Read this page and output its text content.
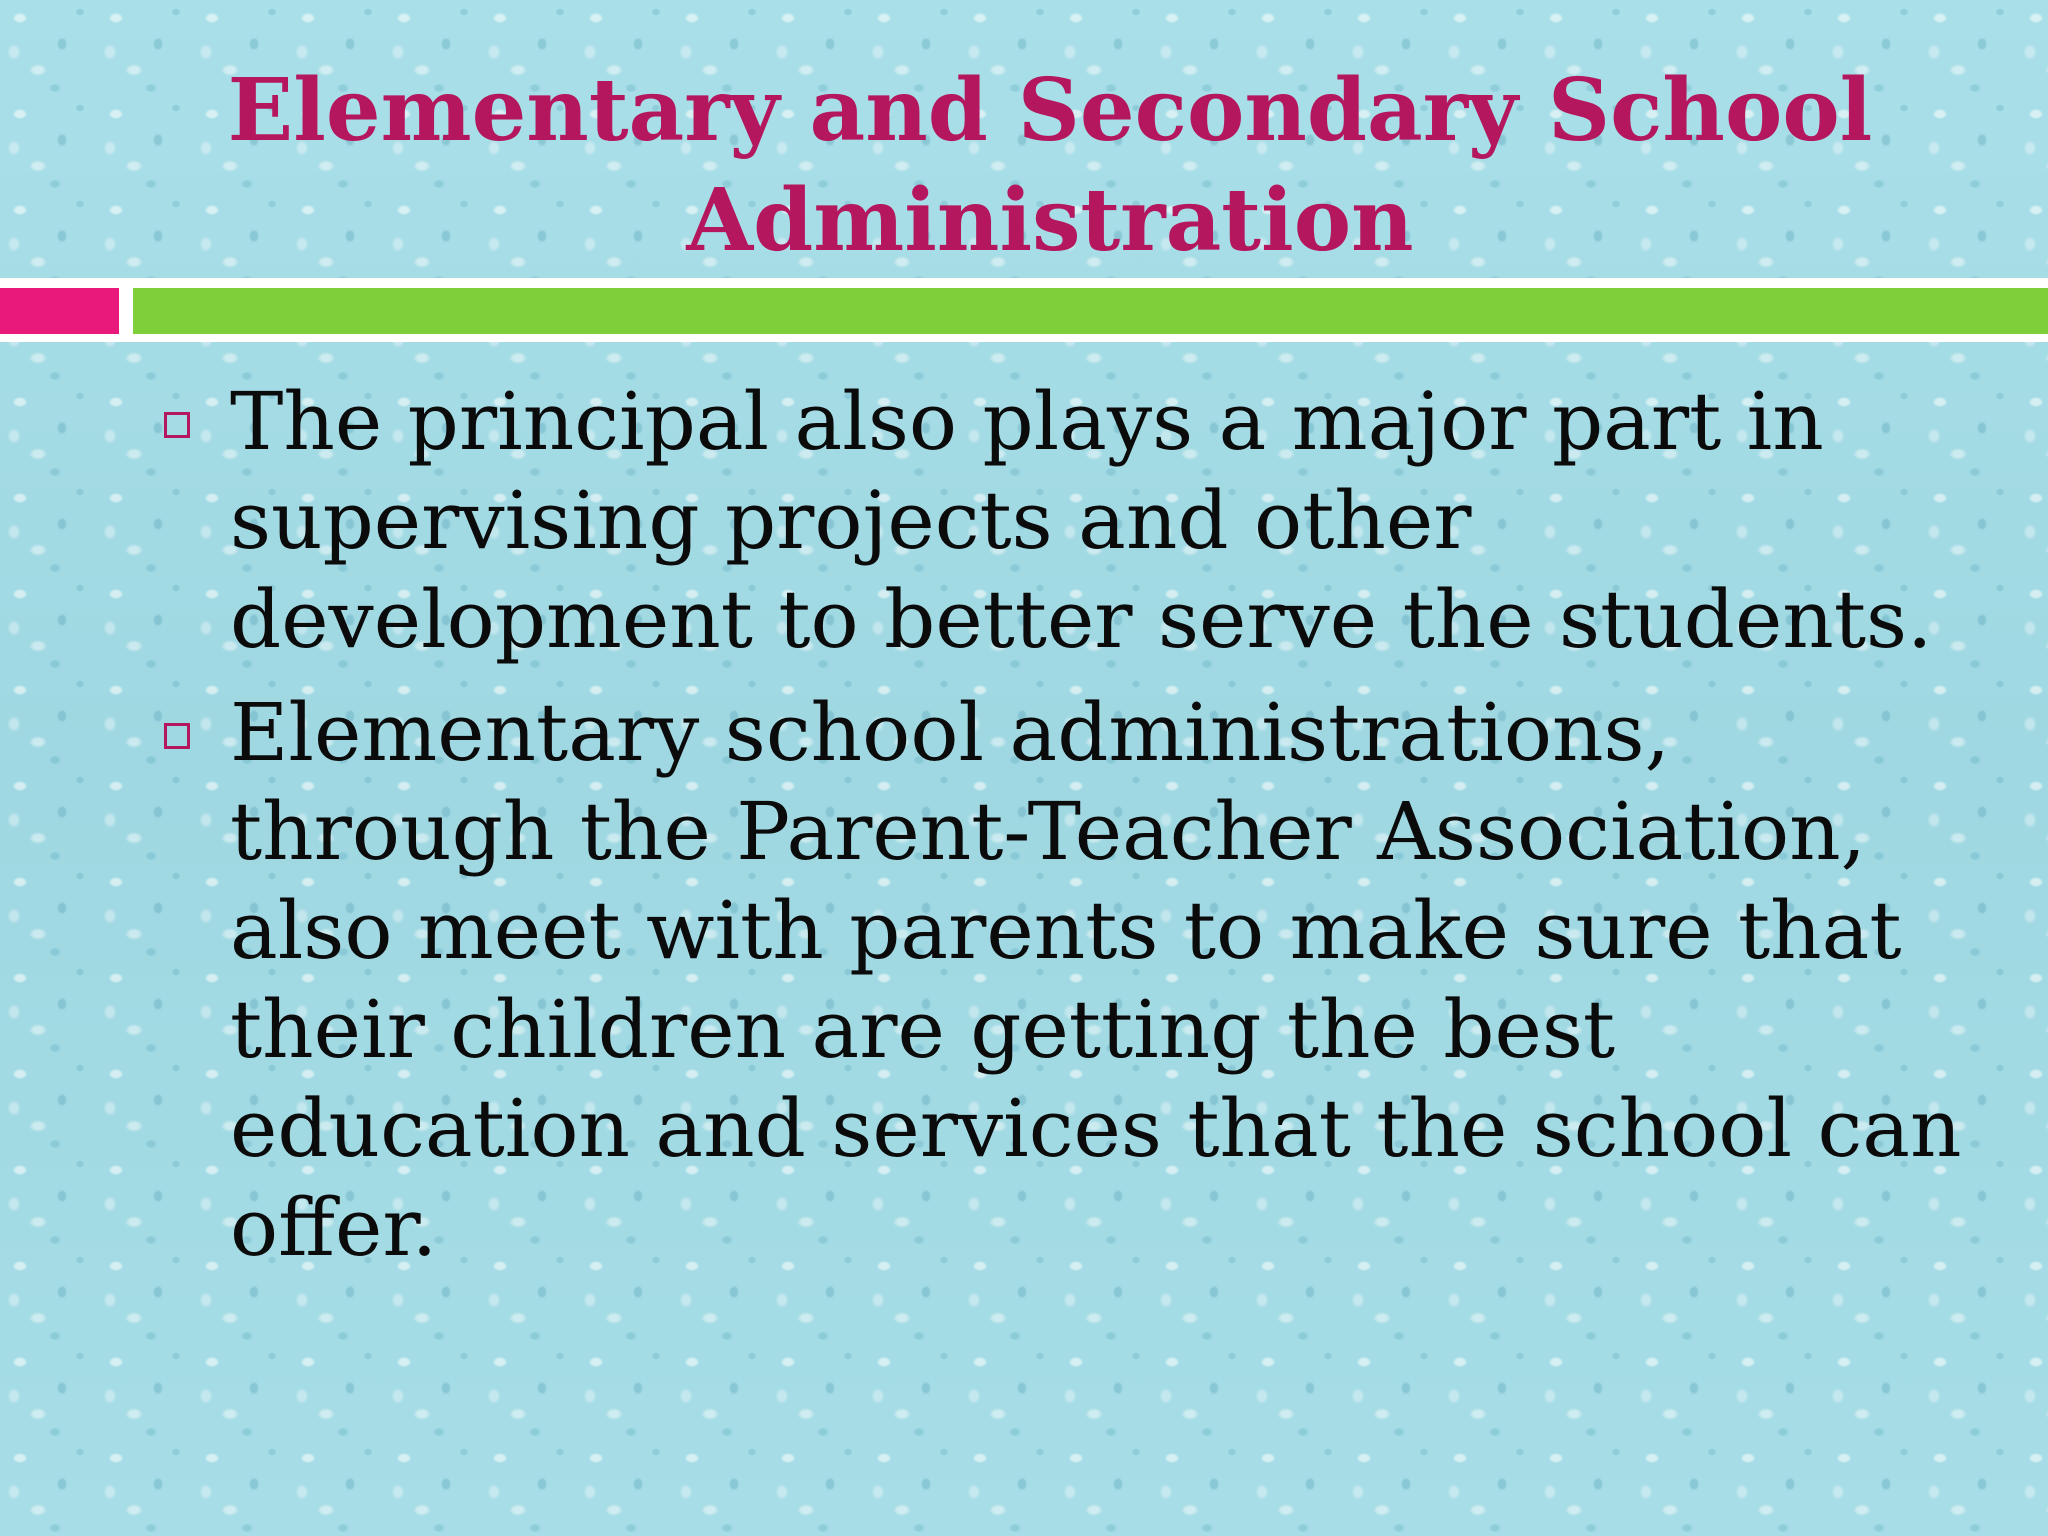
Elementary and Secondary School
Administration
The principal also plays a major part in
supervising projects and other
development to better serve the students.
Elementary school administrations,
through the Parent-Teacher Association,
also meet with parents to make sure that
their children are getting the best
education and services that the school can
offer.
